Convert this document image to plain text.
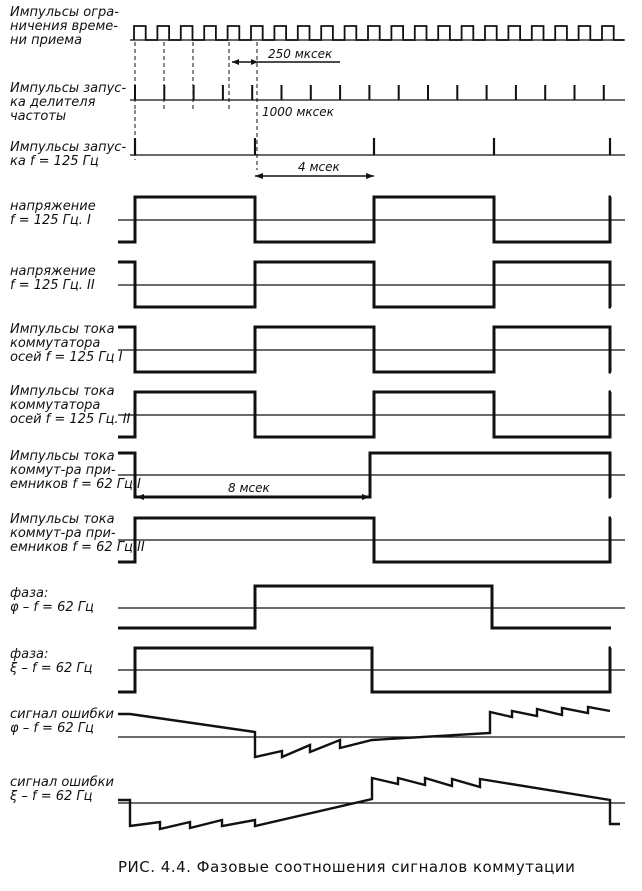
Импульсы огра-
ничения време-
ни приема
Импульсы запус-
ка делителя
частоты
Импульсы запус-
ка f = 125 Гц
напряжение
f = 125 Гц. I
напряжение
f = 125 Гц. II
Импульсы тока
коммутатора
осей f = 125 Гц I
Импульсы тока
коммутатора
осей f = 125 Гц. II
Импульсы тока
коммут-ра при-
емников f = 62 Гц I
Импульсы тока
коммут-ра при-
емников f = 62 Гц II
фаза:
φ – f = 62 Гц
фаза:
ξ – f = 62 Гц
сигнал ошибки
φ – f = 62 Гц
сигнал ошибки
ξ – f = 62 Гц
250 мксек
1000 мксек
4 мсек
8 мсек
РИС. 4.4. Фазовые соотношения сигналов коммутации
